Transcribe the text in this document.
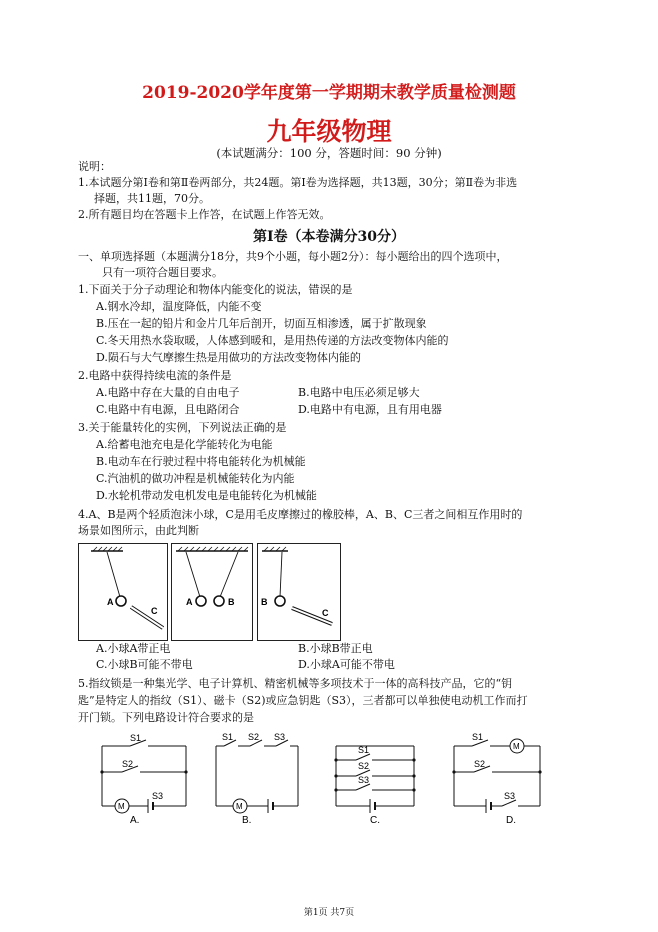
2019-2020学年度第一学期期末教学质量检测题
九年级物理
(本试题满分：100 分，答题时间：90 分钟)
说明：
1.本试题分第Ⅰ卷和第Ⅱ卷两部分，共24题。第Ⅰ卷为选择题，共13题，30分；第Ⅱ卷为非选
择题，共11题，70分。
2.所有题目均在答题卡上作答，在试题上作答无效。
第Ⅰ卷（本卷满分30分）
一、单项选择题（本题满分18分，共9个小题，每小题2分）：每小题给出的四个选项中，
只有一项符合题目要求。
1.下面关于分子动理论和物体内能变化的说法，错误的是
A.钢水冷却，温度降低，内能不变
B.压在一起的铅片和金片几年后剖开，切面互相渗透，属于扩散现象
C.冬天用热水袋取暖，人体感到暖和，是用热传递的方法改变物体内能的
D.陨石与大气摩擦生热是用做功的方法改变物体内能的
2.电路中获得持续电流的条件是
A.电路中存在大量的自由电子	B.电路中电压必须足够大
C.电路中有电源，且电路闭合	D.电路中有电源，且有用电器
3.关于能量转化的实例，下列说法正确的是
A.给蓄电池充电是化学能转化为电能
B.电动车在行驶过程中将电能转化为机械能
C.汽油机的做功冲程是机械能转化为内能
D.水轮机带动发电机发电是电能转化为机械能
4.A、B是两个轻质泡沫小球，C是用毛皮摩擦过的橡胶棒，A、B、C三者之间相互作用时的
场景如图所示，由此判断
A
C
A	B	B
C
A.小球A带正电	B.小球B带正电
C.小球B可能不带电	D.小球A可能不带电
5.指纹锁是一种集光学、电子计算机、精密机械等多项技术于一体的高科技产品，它的“钥
匙”是特定人的指纹（S1）、磁卡（S2)或应急钥匙（S3），三者都可以单独使电动机工作而打
开门锁。下列电路设计符合要求的是
S1
S2
S3
M
A.
S1 S2 S3
M
B.
S1
S2
S3
C.
S1
S2
S3
M
D.
第1页 共7页
